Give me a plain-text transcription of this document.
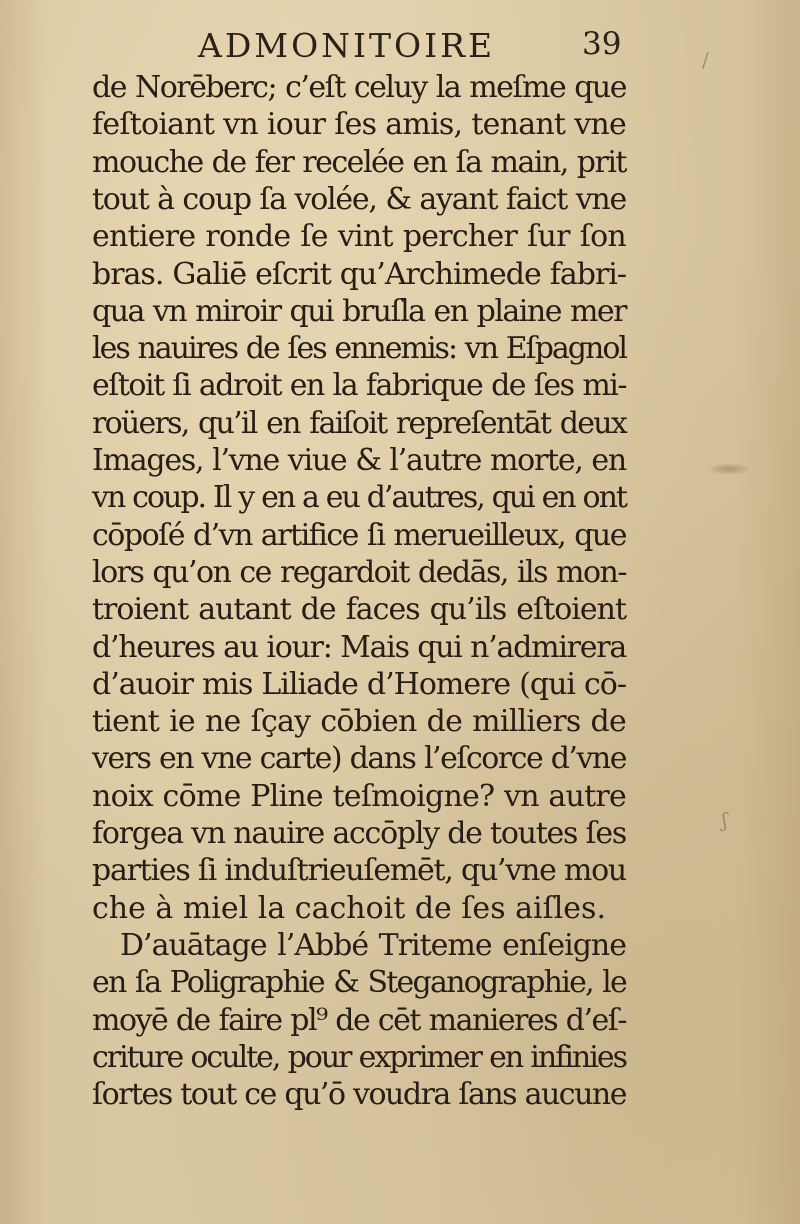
ADMONITOIRE	39
de Norēberc; c’eſt celuy la meſme que
feſtoiant vn iour ſes amis, tenant vne
mouche de fer recelée en ſa main, prit
tout à coup ſa volée, & ayant faict vne
entiere ronde ſe vint percher ſur ſon
bras. Galiē eſcrit qu’Archimede fabri-
qua vn miroir qui bruſla en plaine mer
les nauires de ſes ennemis: vn Eſpagnol
eſtoit ſi adroit en la fabrique de ſes mi-
roüers, qu’il en faiſoit repreſentāt deux
Images, l’vne viue & l’autre morte, en
vn coup. Il y en a eu d’autres, qui en ont
cōpoſé d’vn artifice ſi merueilleux, que
lors qu’on ce regardoit dedās, ils mon-
troient autant de faces qu’ils eſtoient
d’heures au iour: Mais qui n’admirera
d’auoir mis Liliade d’Homere (qui cō-
tient ie ne ſçay cōbien de milliers de
vers en vne carte) dans l’eſcorce d’vne
noix cōme Pline teſmoigne? vn autre
forgea vn nauire accōply de toutes ſes
parties ſi induſtrieuſemēt, qu’vne mou
che à miel la cachoit de ſes aiſles.
D’auātage l’Abbé Triteme enſeigne
en ſa Poligraphie & Steganographie, le
moyē de faire pl⁹ de cēt manieres d’eſ-
criture oculte, pour exprimer en infinies
ſortes tout ce qu’ō voudra ſans aucune
ʃ
/
